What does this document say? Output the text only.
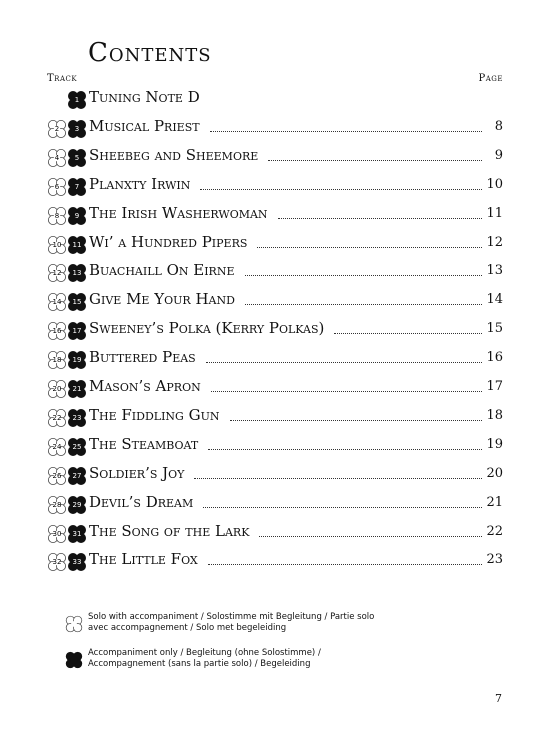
Contents
Track	Page
1 Tuning Note D
2	3 Musical Priest	8
4	5 Sheebeg and Sheemore	9
6	7 Planxty Irwin	10
8	9 The Irish Washerwoman	11
10	11 Wi’ a Hundred Pipers	12
12	13 Buachaill On Eirne	13
14	15 Give Me Your Hand	14
16	17 Sweeney’s Polka (Kerry Polkas)	15
18	19 Buttered Peas	16
20	21 Mason’s Apron	17
22	23 The Fiddling Gun	18
24	25 The Steamboat	19
26	27 Soldier’s Joy	20
28	29 Devil’s Dream	21
30	31 The Song of the Lark	22
32	33 The Little Fox	23
Solo with accompaniment / Solostimme mit Begleitung / Partie solo avec accompagnement / Solo met begeleiding
Accompaniment only / Begleitung (ohne Solostimme) / Accompagnement (sans la partie solo) / Begeleiding
7
